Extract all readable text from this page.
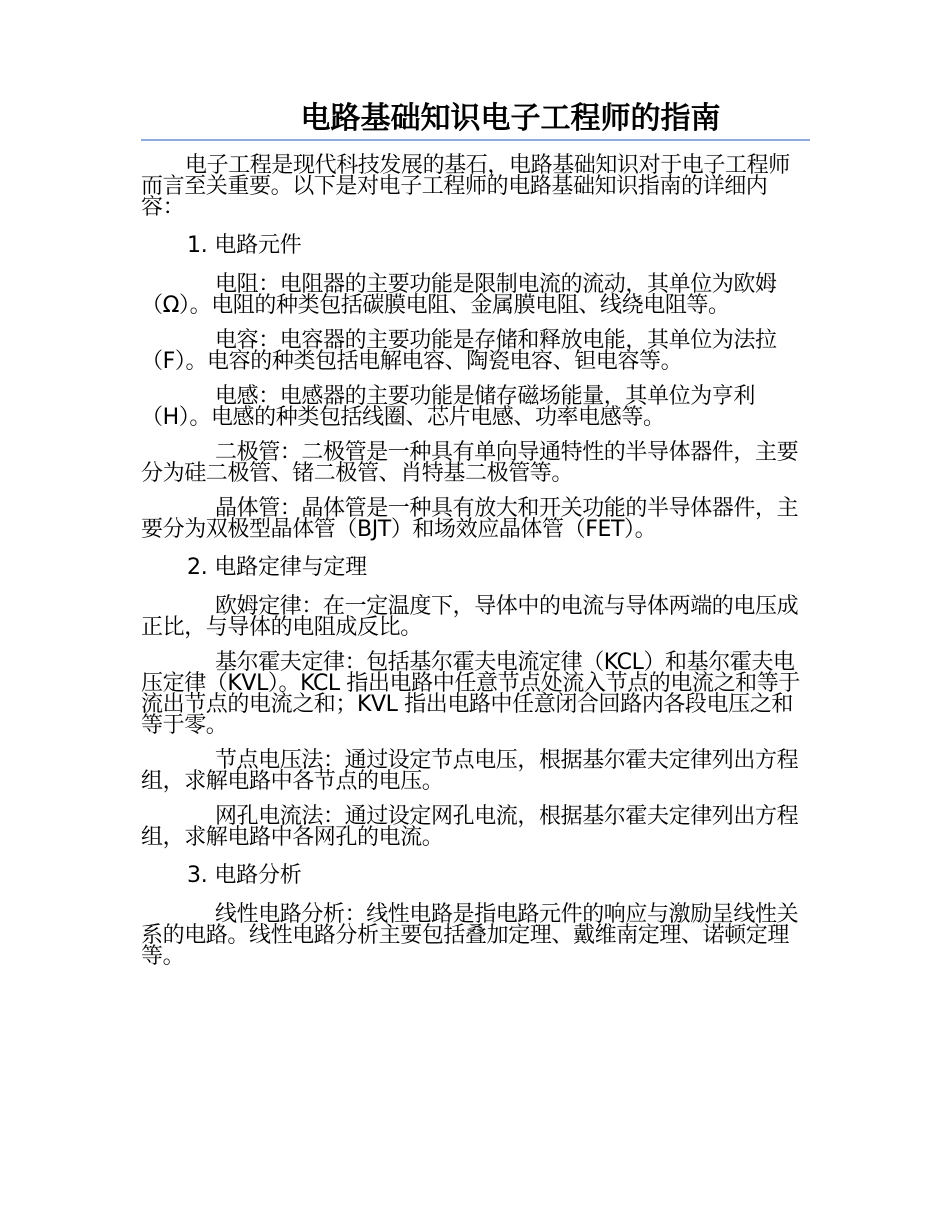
电路基础知识电子工程师的指南

电子工程是现代科技发展的基石，电路基础知识对于电子工程师而言至关重要。以下是对电子工程师的电路基础知识指南的详细内容：

1. 电路元件

电阻：电阻器的主要功能是限制电流的流动，其单位为欧姆（Ω）。电阻的种类包括碳膜电阻、金属膜电阻、线绕电阻等。

电容：电容器的主要功能是存储和释放电能，其单位为法拉（F）。电容的种类包括电解电容、陶瓷电容、钽电容等。

电感：电感器的主要功能是储存磁场能量，其单位为亨利（H）。电感的种类包括线圈、芯片电感、功率电感等。

二极管：二极管是一种具有单向导通特性的半导体器件，主要分为硅二极管、锗二极管、肖特基二极管等。

晶体管：晶体管是一种具有放大和开关功能的半导体器件，主要分为双极型晶体管（BJT）和场效应晶体管（FET）。

2. 电路定律与定理

欧姆定律：在一定温度下，导体中的电流与导体两端的电压成正比，与导体的电阻成反比。

基尔霍夫定律：包括基尔霍夫电流定律（KCL）和基尔霍夫电压定律（KVL）。KCL 指出电路中任意节点处流入节点的电流之和等于流出节点的电流之和；KVL 指出电路中任意闭合回路内各段电压之和等于零。

节点电压法：通过设定节点电压，根据基尔霍夫定律列出方程组，求解电路中各节点的电压。

网孔电流法：通过设定网孔电流，根据基尔霍夫定律列出方程组，求解电路中各网孔的电流。

3. 电路分析

线性电路分析：线性电路是指电路元件的响应与激励呈线性关系的电路。线性电路分析主要包括叠加定理、戴维南定理、诺顿定理等。
